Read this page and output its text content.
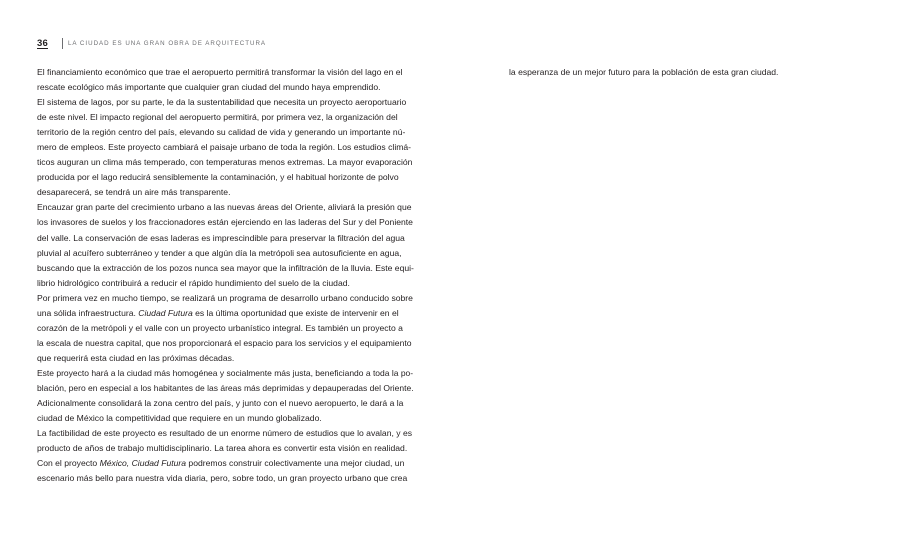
36	LA CIUDAD ES UNA GRAN OBRA DE ARQUITECTURA

El financiamiento económico que trae el aeropuerto permitirá transformar la visión del lago en el
rescate ecológico más importante que cualquier gran ciudad del mundo haya emprendido.

El sistema de lagos, por su parte, le da la sustentabilidad que necesita un proyecto aeroportuario
de este nivel. El impacto regional del aeropuerto permitirá, por primera vez, la organización del
territorio de la región centro del país, elevando su calidad de vida y generando un importante nú-
mero de empleos. Este proyecto cambiará el paisaje urbano de toda la región. Los estudios climá-
ticos auguran un clima más temperado, con temperaturas menos extremas. La mayor evaporación
producida por el lago reducirá sensiblemente la contaminación, y el habitual horizonte de polvo
desaparecerá, se tendrá un aire más transparente.

Encauzar gran parte del crecimiento urbano a las nuevas áreas del Oriente, aliviará la presión que
los invasores de suelos y los fraccionadores están ejerciendo en las laderas del Sur y del Poniente
del valle. La conservación de esas laderas es imprescindible para preservar la filtración del agua
pluvial al acuífero subterráneo y tender a que algún día la metrópoli sea autosuficiente en agua,
buscando que la extracción de los pozos nunca sea mayor que la infiltración de la lluvia. Este equi-
librio hidrológico contribuirá a reducir el rápido hundimiento del suelo de la ciudad.

Por primera vez en mucho tiempo, se realizará un programa de desarrollo urbano conducido sobre
una sólida infraestructura. Ciudad Futura es la última oportunidad que existe de intervenir en el
corazón de la metrópoli y el valle con un proyecto urbanístico integral. Es también un proyecto a
la escala de nuestra capital, que nos proporcionará el espacio para los servicios y el equipamiento
que requerirá esta ciudad en las próximas décadas.

Este proyecto hará a la ciudad más homogénea y socialmente más justa, beneficiando a toda la po-
blación, pero en especial a los habitantes de las áreas más deprimidas y depauperadas del Oriente.
Adicionalmente consolidará la zona centro del país, y junto con el nuevo aeropuerto, le dará a la
ciudad de México la competitividad que requiere en un mundo globalizado.

La factibilidad de este proyecto es resultado de un enorme número de estudios que lo avalan, y es
producto de años de trabajo multidisciplinario. La tarea ahora es convertir esta visión en realidad.
Con el proyecto México, Ciudad Futura podremos construir colectivamente una mejor ciudad, un
escenario más bello para nuestra vida diaria, pero, sobre todo, un gran proyecto urbano que crea

la esperanza de un mejor futuro para la población de esta gran ciudad.
